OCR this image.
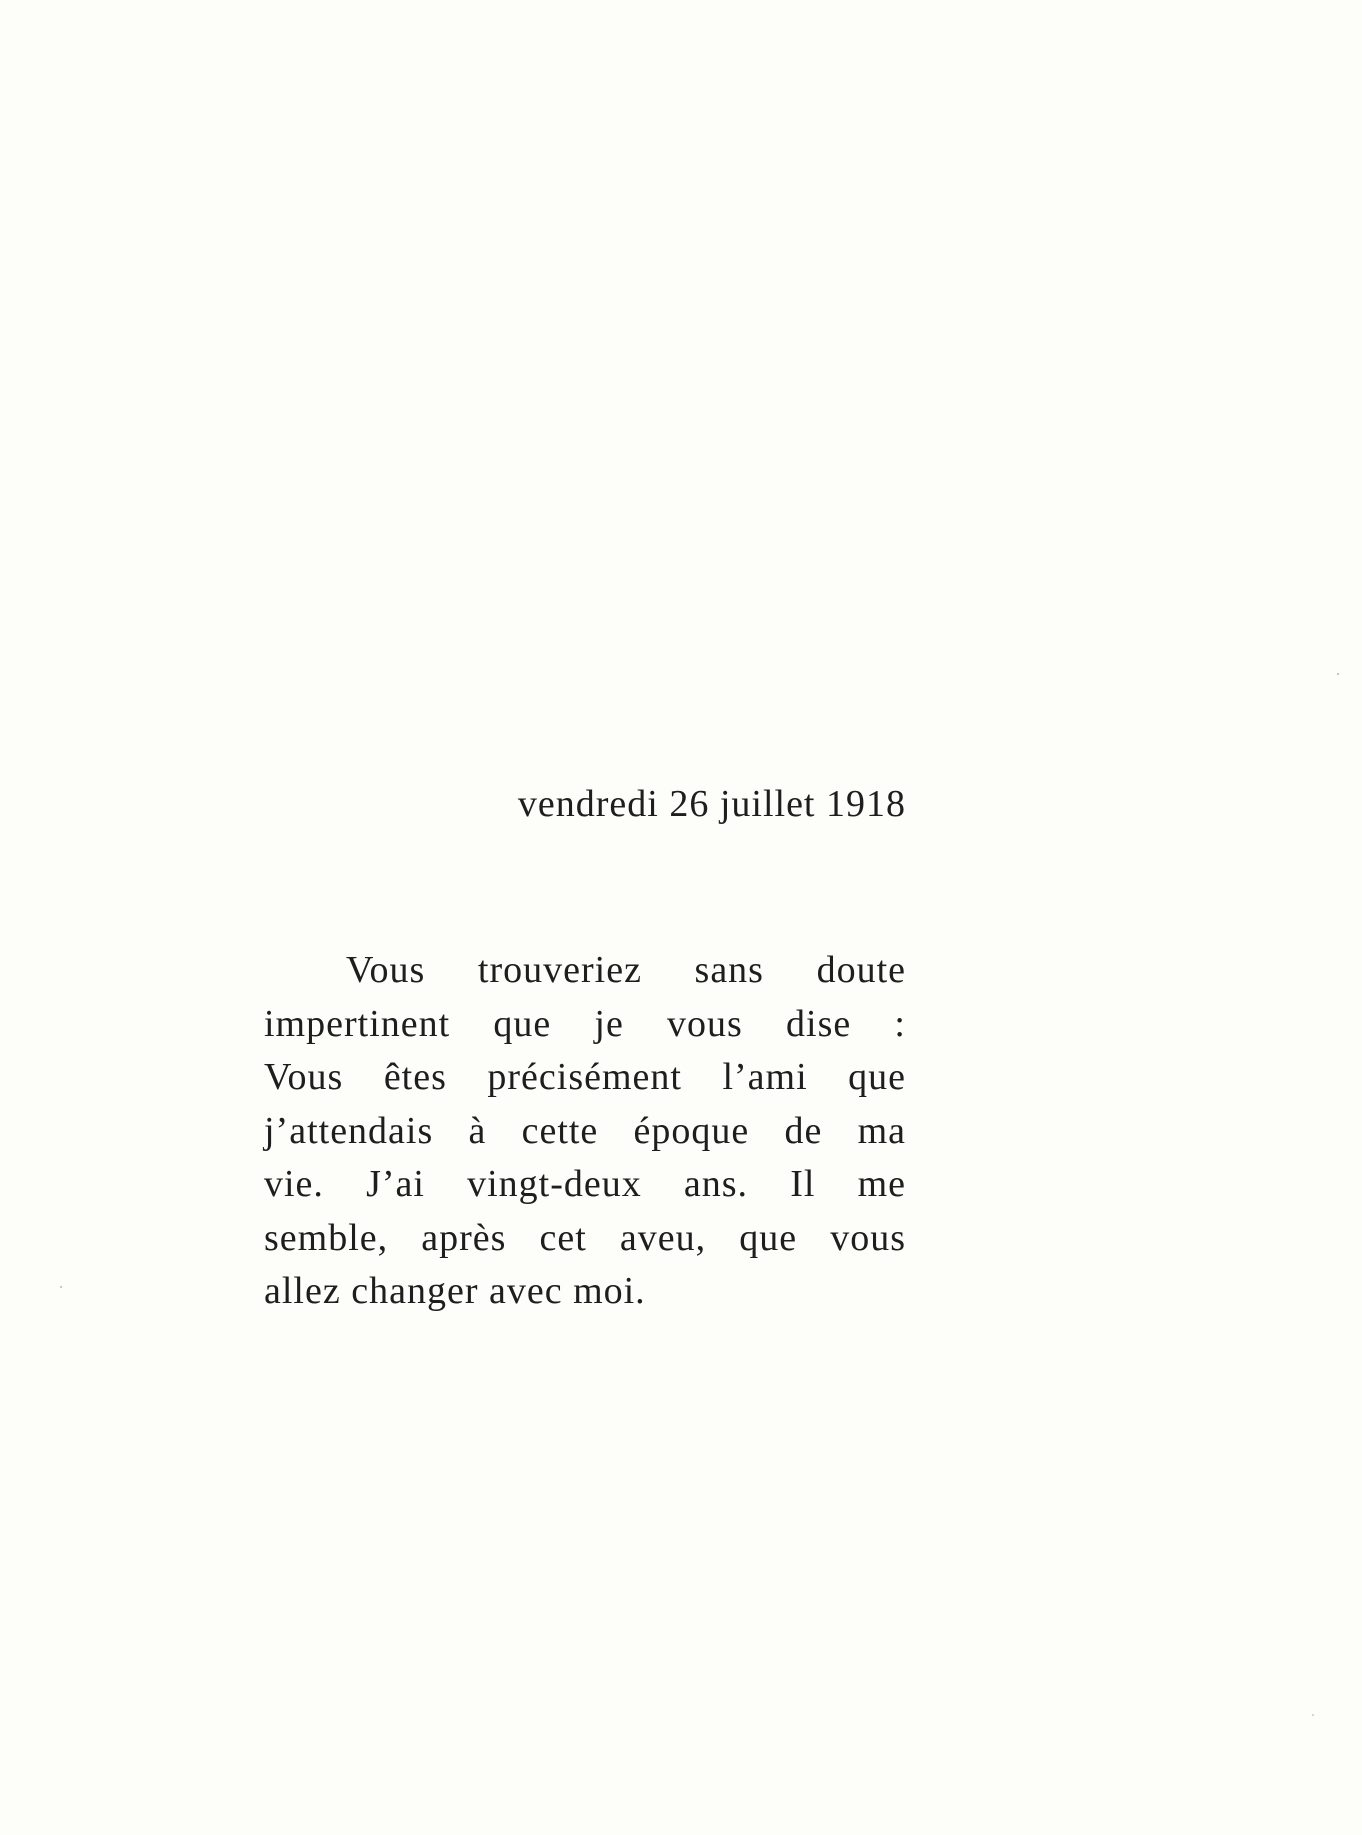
vendredi 26 juillet 1918
Vous trouveriez sans doute
impertinent que je vous dise :
Vous êtes précisément l’ami que
j’attendais à cette époque de ma
vie. J’ai vingt-deux ans. Il me
semble, après cet aveu, que vous
allez changer avec moi.
